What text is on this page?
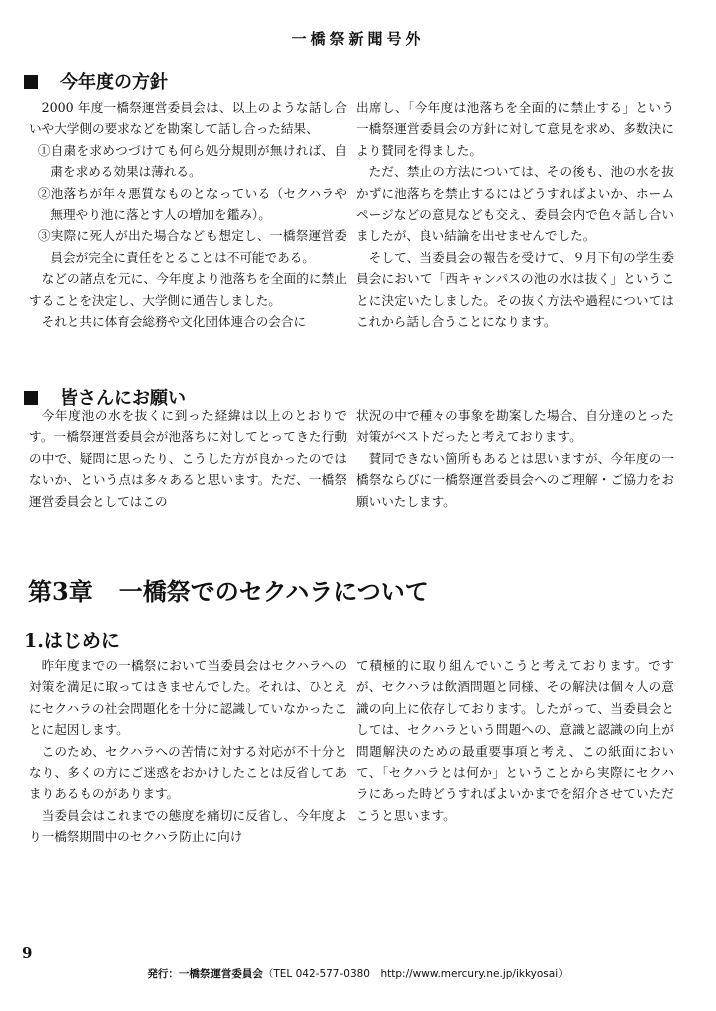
一橋祭新聞号外
今年度の方針

2000 年度一橋祭運営委員会は、以上のような話し合いや大学側の要求などを勘案して話し合った結果、

①自粛を求めつづけても何ら処分規則が無ければ、自粛を求める効果は薄れる。

②池落ちが年々悪質なものとなっている（セクハラや無理やり池に落とす人の増加を鑑み）。

③実際に死人が出た場合なども想定し、一橋祭運営委員会が完全に責任をとることは不可能である。

などの諸点を元に、今年度より池落ちを全面的に禁止することを決定し、大学側に通告しました。

それと共に体育会総務や文化団体連合の会合に

出席し、「今年度は池落ちを全面的に禁止する」という一橋祭運営委員会の方針に対して意見を求め、多数決により賛同を得ました。

ただ、禁止の方法については、その後も、池の水を抜かずに池落ちを禁止するにはどうすればよいか、ホームページなどの意見なども交え、委員会内で色々話し合いましたが、良い結論を出せませんでした。

そして、当委員会の報告を受けて、９月下旬の学生委員会において「西キャンパスの池の水は抜く」ということに決定いたしました。その抜く方法や過程についてはこれから話し合うことになります。

皆さんにお願い

今年度池の水を抜くに到った経緯は以上のとおりです。一橋祭運営委員会が池落ちに対してとってきた行動の中で、疑問に思ったり、こうした方が良かったのではないか、という点は多々あると思います。ただ、一橋祭運営委員会としてはこの

状況の中で種々の事象を勘案した場合、自分達のとった対策がベストだったと考えております。

賛同できない箇所もあるとは思いますが、今年度の一橋祭ならびに一橋祭運営委員会へのご理解・ご協力をお願いいたします。

第3章 一橋祭でのセクハラについて
1.はじめに

昨年度までの一橋祭において当委員会はセクハラへの対策を満足に取ってはきませんでした。それは、ひとえにセクハラの社会問題化を十分に認識していなかったことに起因します。

このため、セクハラへの苦情に対する対応が不十分となり、多くの方にご迷惑をおかけしたことは反省してあまりあるものがあります。

当委員会はこれまでの態度を痛切に反省し、今年度より一橋祭期間中のセクハラ防止に向け

て積極的に取り組んでいこうと考えております。ですが、セクハラは飲酒問題と同様、その解決は個々人の意識の向上に依存しております。したがって、当委員会としては、セクハラという問題への、意識と認識の向上が問題解決のための最重要事項と考え、この紙面において、「セクハラとは何か」ということから実際にセクハラにあった時どうすればよいかまでを紹介させていただこうと思います。

9
発行：一橋祭運営委員会（TEL 042-577-0380　http://www.mercury.ne.jp/ikkyosai）
